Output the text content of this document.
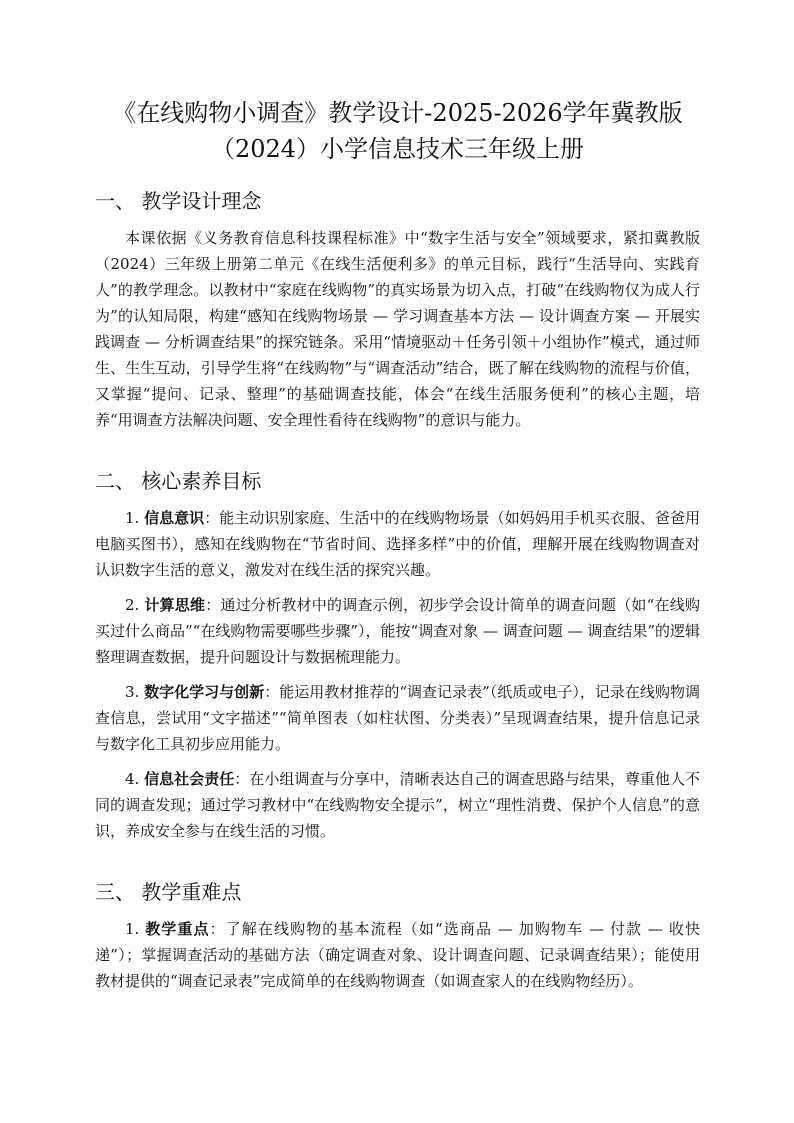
《在线购物小调查》教学设计-2025-2026学年冀教版（2024）小学信息技术三年级上册
一、 教学设计理念

本课依据《义务教育信息科技课程标准》中“数字生活与安全”领域要求，紧扣冀教版（2024）三年级上册第二单元《在线生活便利多》的单元目标，践行“生活导向、实践育人”的教学理念。以教材中“家庭在线购物”的真实场景为切入点，打破“在线购物仅为成人行为”的认知局限，构建“感知在线购物场景 — 学习调查基本方法 — 设计调查方案 — 开展实践调查 — 分析调查结果”的探究链条。采用“情境驱动＋任务引领＋小组协作”模式，通过师生、生生互动，引导学生将“在线购物”与“调查活动”结合，既了解在线购物的流程与价值，又掌握“提问、记录、整理”的基础调查技能，体会“在线生活服务便利”的核心主题，培养“用调查方法解决问题、安全理性看待在线购物”的意识与能力。

二、 核心素养目标
1. 信息意识：能主动识别家庭、生活中的在线购物场景（如妈妈用手机买衣服、爸爸用电脑买图书），感知在线购物在“节省时间、选择多样”中的价值，理解开展在线购物调查对认识数字生活的意义，激发对在线生活的探究兴趣。
2. 计算思维：通过分析教材中的调查示例，初步学会设计简单的调查问题（如“在线购买过什么商品”“在线购物需要哪些步骤”），能按“调查对象 — 调查问题 — 调查结果”的逻辑整理调查数据，提升问题设计与数据梳理能力。
3. 数字化学习与创新：能运用教材推荐的“调查记录表”（纸质或电子），记录在线购物调查信息，尝试用“文字描述”“简单图表（如柱状图、分类表）”呈现调查结果，提升信息记录与数字化工具初步应用能力。
4. 信息社会责任：在小组调查与分享中，清晰表达自己的调查思路与结果，尊重他人不同的调查发现；通过学习教材中“在线购物安全提示”，树立“理性消费、保护个人信息”的意识，养成安全参与在线生活的习惯。
三、 教学重难点
1. 教学重点：了解在线购物的基本流程（如“选商品 — 加购物车 — 付款 — 收快递”）；掌握调查活动的基础方法（确定调查对象、设计调查问题、记录调查结果）；能使用教材提供的“调查记录表”完成简单的在线购物调查（如调查家人的在线购物经历）。
